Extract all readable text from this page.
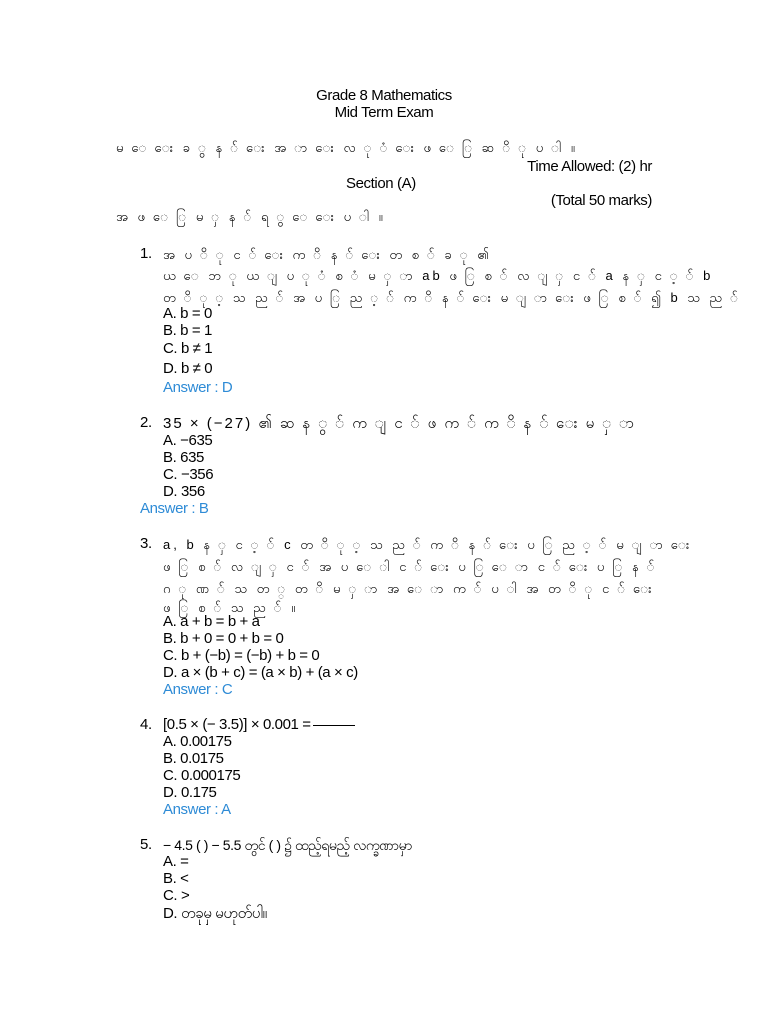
Grade 8 Mathematics
Mid Term Exam
မ ေ ေး ခ ွ န ် ေး အ ာ ေး လ ု ံ ေး ဖ ေ ြ ဆ ိ ု ပ ါ ။
Time Allowed: (2) hr
Section (A)
(Total 50 marks)
အ ဖ ေ ြ မ ှ န ် ရ ွ ေ ေး ပ ါ ။
1. အ ပ ိ ု င ် ေး က ိ န ် ေး တ စ ် ခ ု ၏
ယ ေ ဘ ု ယ ျ ပ ု ံ စ ံ မ ှ ာ ab ဖ ြ စ ် လ ျ ှ င ် a န ှ င ့ ် b
တ ိ ု ့ သ ည ် အ ပ ြ ည ့ ် က ိ န ် ေး မ ျ ာ ေး ဖ ြ စ ် ၍ b သ ည ်
A. b = 0
B. b = 1
C. b ≠ 1
D. b ≠ 0
Answer : D
2. 35 × (−27) ၏ ဆ န ွ ် က ျ င ် ဖ က ် က ိ န ် ေး မ ှ ာ
A. −635
B. 635
C. −356
D. 356
Answer : B
3. a, b န ှ င ့ ် c တ ိ ု ့ သ ည ် က ိ န ် ေး ပ ြ ည ့ ် မ ျ ာ ေး
ဖ ြ စ ် လ ျ ှ င ် အ ပ ေ ါ င ် ေး ပ ြ ေ ာ င ် ေး ပ ြ န ်
ဂ ု ဏ ် သ တ ္ တ ိ မ ှ ာ အ ေ ာ က ် ပ ါ အ တ ိ ု င ် ေး
ဖ ြ စ ် သ ည ် ။
A. a + b = b + a
B. b + 0 = 0 + b = 0
C. b + (−b) = (−b) + b = 0
D. a × (b + c) = (a × b) + (a × c)
Answer : C
4. [0.5 × (− 3.5)] × 0.001 =
A. 0.00175
B. 0.0175
C. 0.000175
D. 0.175
Answer : A
5. − 4.5 ( ) − 5.5 တွင် ( ) ၌ ထည့်ရမည့် လက္ခဏာမှာ
A. =
B. <
C. >
D. တခုမှ မဟုတ်ပါ။
